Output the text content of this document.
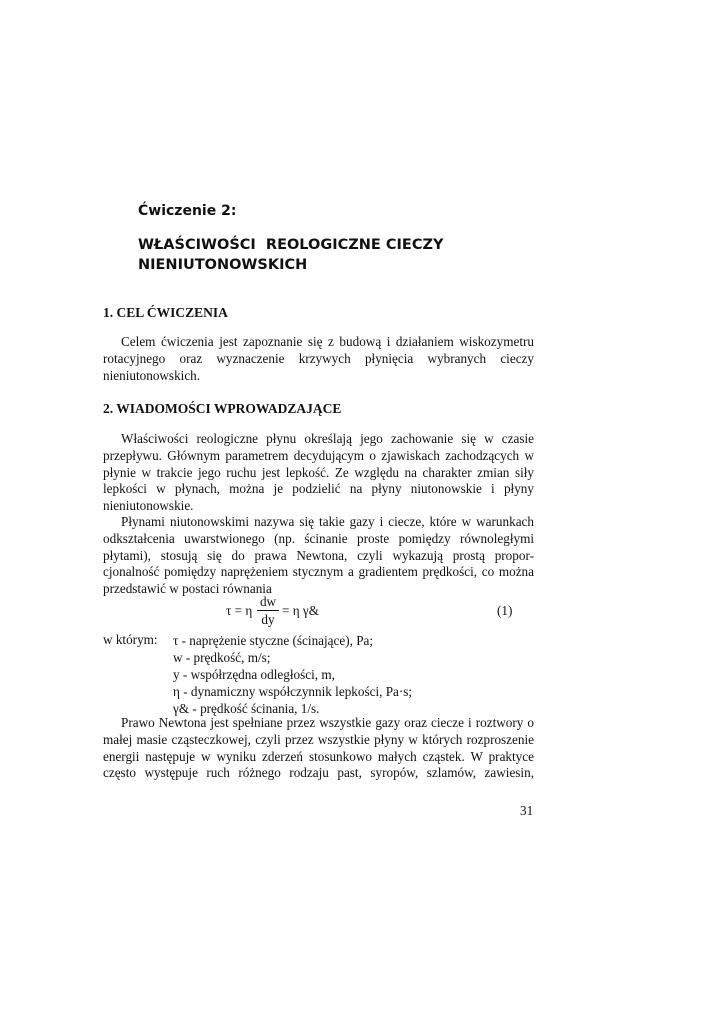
Ćwiczenie 2:
WŁAŚCIWOŚCI  REOLOGICZNE CIECZY
NIENIUTONOWSKICH
1. CEL ĆWICZENIA
Celem ćwiczenia jest zapoznanie się z budową i działaniem wiskozymetru
rotacyjnego oraz wyznaczenie krzywych płynięcia wybranych cieczy
nieniutonowskich.
2. WIADOMOŚCI WPROWADZAJĄCE
Właściwości reologiczne płynu określają jego zachowanie się w czasie
przepływu. Głównym parametrem decydującym o zjawiskach zachodzących w
płynie w trakcie jego ruchu jest lepkość. Ze względu na charakter zmian siły
lepkości w płynach, można je podzielić na płyny niutonowskie i płyny
nieniutonowskie.
Płynami niutonowskimi nazywa się takie gazy i ciecze, które w warunkach
odkształcenia uwarstwionego (np. ścinanie proste pomiędzy równoległymi
płytami), stosują się do prawa Newtona, czyli wykazują prostą propor-
cjonalność pomiędzy naprężeniem stycznym a gradientem prędkości, co można
przedstawić w postaci równania
τ = η
dw
dy
= η γ&	(1)
w którym: τ - naprężenie styczne (ścinające), Pa;
w - prędkość, m/s;
y - współrzędna odległości, m,
η - dynamiczny współczynnik lepkości, Pa·s;
γ& - prędkość ścinania, 1/s.
Prawo Newtona jest spełniane przez wszystkie gazy oraz ciecze i roztwory o
małej masie cząsteczkowej, czyli przez wszystkie płyny w których rozproszenie
energii następuje w wyniku zderzeń stosunkowo małych cząstek. W praktyce
często występuje ruch różnego rodzaju past, syropów, szlamów, zawiesin,
31
